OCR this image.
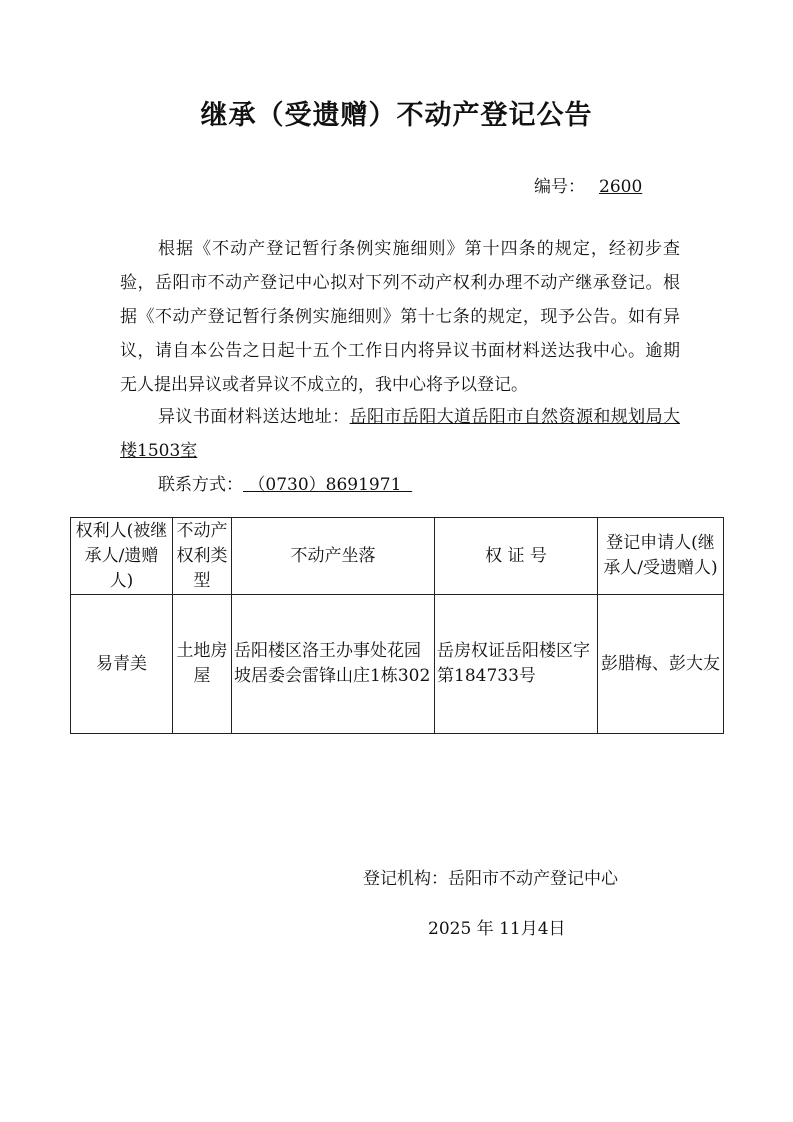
继承（受遗赠）不动产登记公告
编号： 2600
根据《不动产登记暂行条例实施细则》第十四条的规定，经初步查验，岳阳市不动产登记中心拟对下列不动产权利办理不动产继承登记。根据《不动产登记暂行条例实施细则》第十七条的规定，现予公告。如有异议，请自本公告之日起十五个工作日内将异议书面材料送达我中心。逾期无人提出异议或者异议不成立的，我中心将予以登记。
异议书面材料送达地址：岳阳市岳阳大道岳阳市自然资源和规划局大楼1503室
联系方式： （0730）8691971
权利人(被继承人/遗赠人)	不动产权利类型	不动产坐落	权 证 号	登记申请人(继承人/受遗赠人)
易青美	土地房屋	岳阳楼区洛王办事处花园坡居委会雷锋山庄1栋302	岳房权证岳阳楼区字第184733号	彭腊梅、彭大友
登记机构：岳阳市不动产登记中心
2025 年 11月4日
